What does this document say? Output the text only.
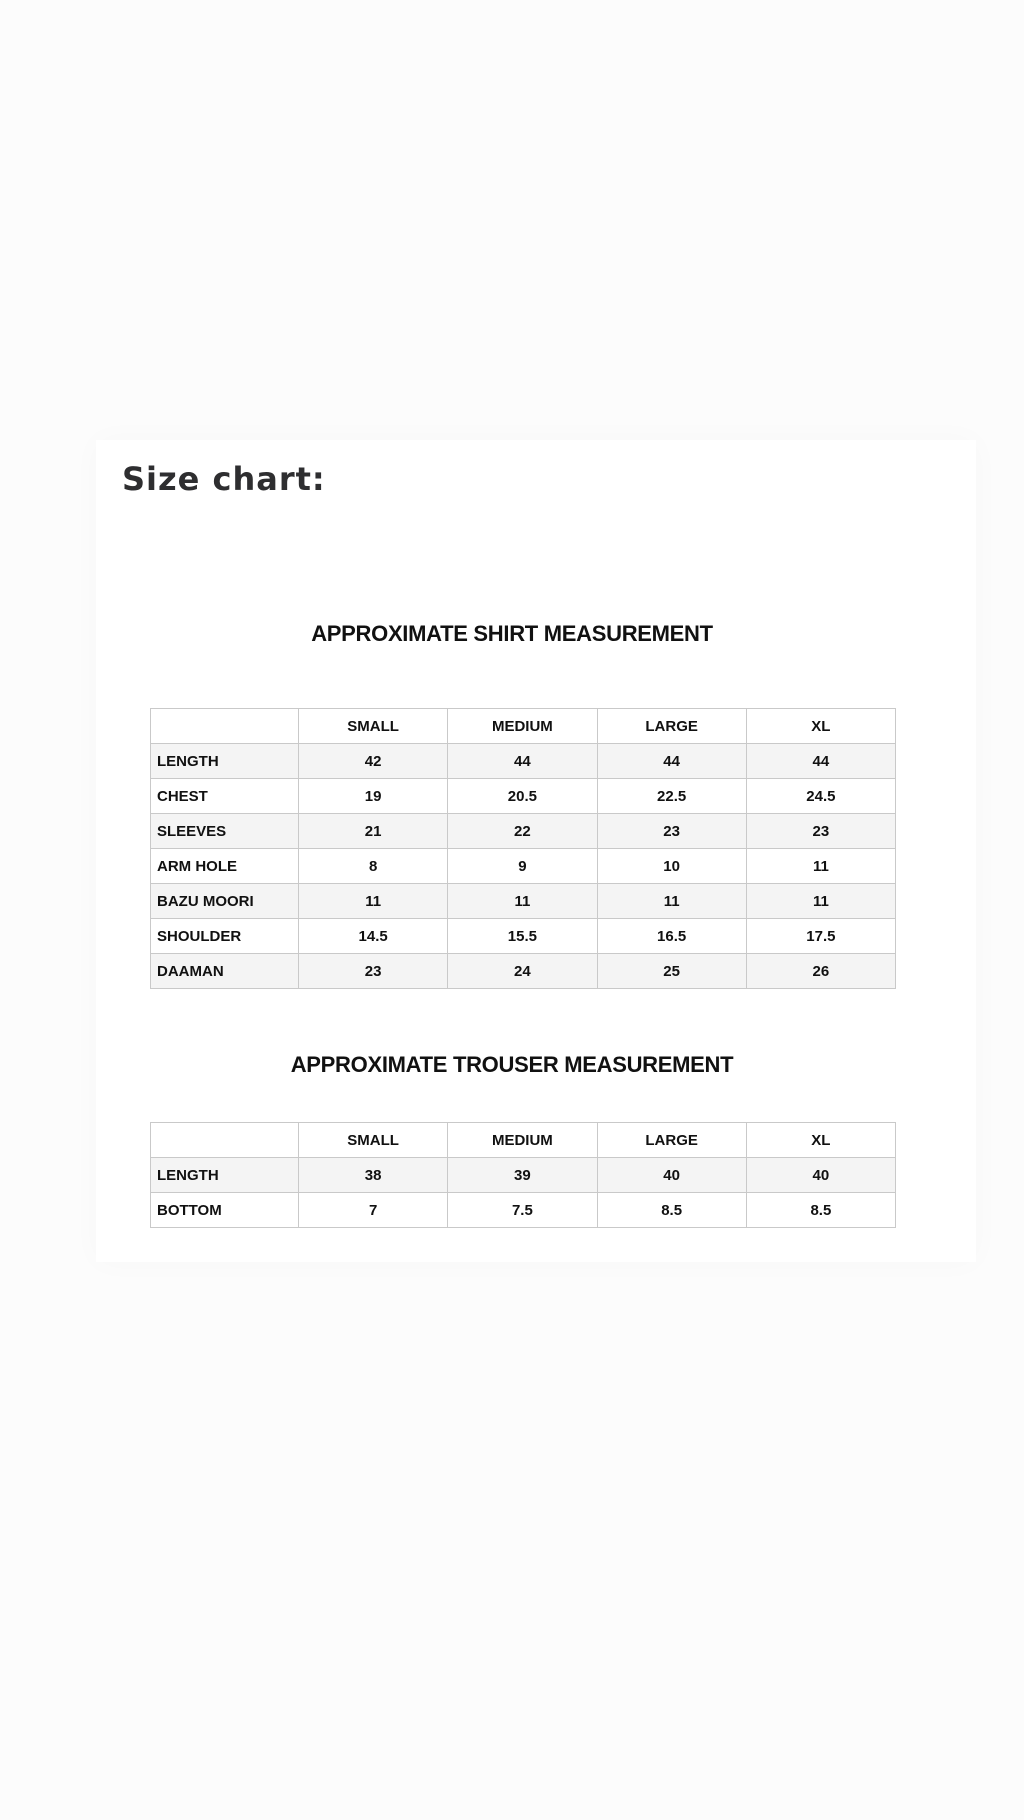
Size chart:
APPROXIMATE SHIRT MEASUREMENT
	SMALL	MEDIUM	LARGE	XL
LENGTH	42	44	44	44
CHEST	19	20.5	22.5	24.5
SLEEVES	21	22	23	23
ARM HOLE	8	9	10	11
BAZU MOORI	11	11	11	11
SHOULDER	14.5	15.5	16.5	17.5
DAAMAN	23	24	25	26
APPROXIMATE TROUSER MEASUREMENT
	SMALL	MEDIUM	LARGE	XL
LENGTH	38	39	40	40
BOTTOM	7	7.5	8.5	8.5
